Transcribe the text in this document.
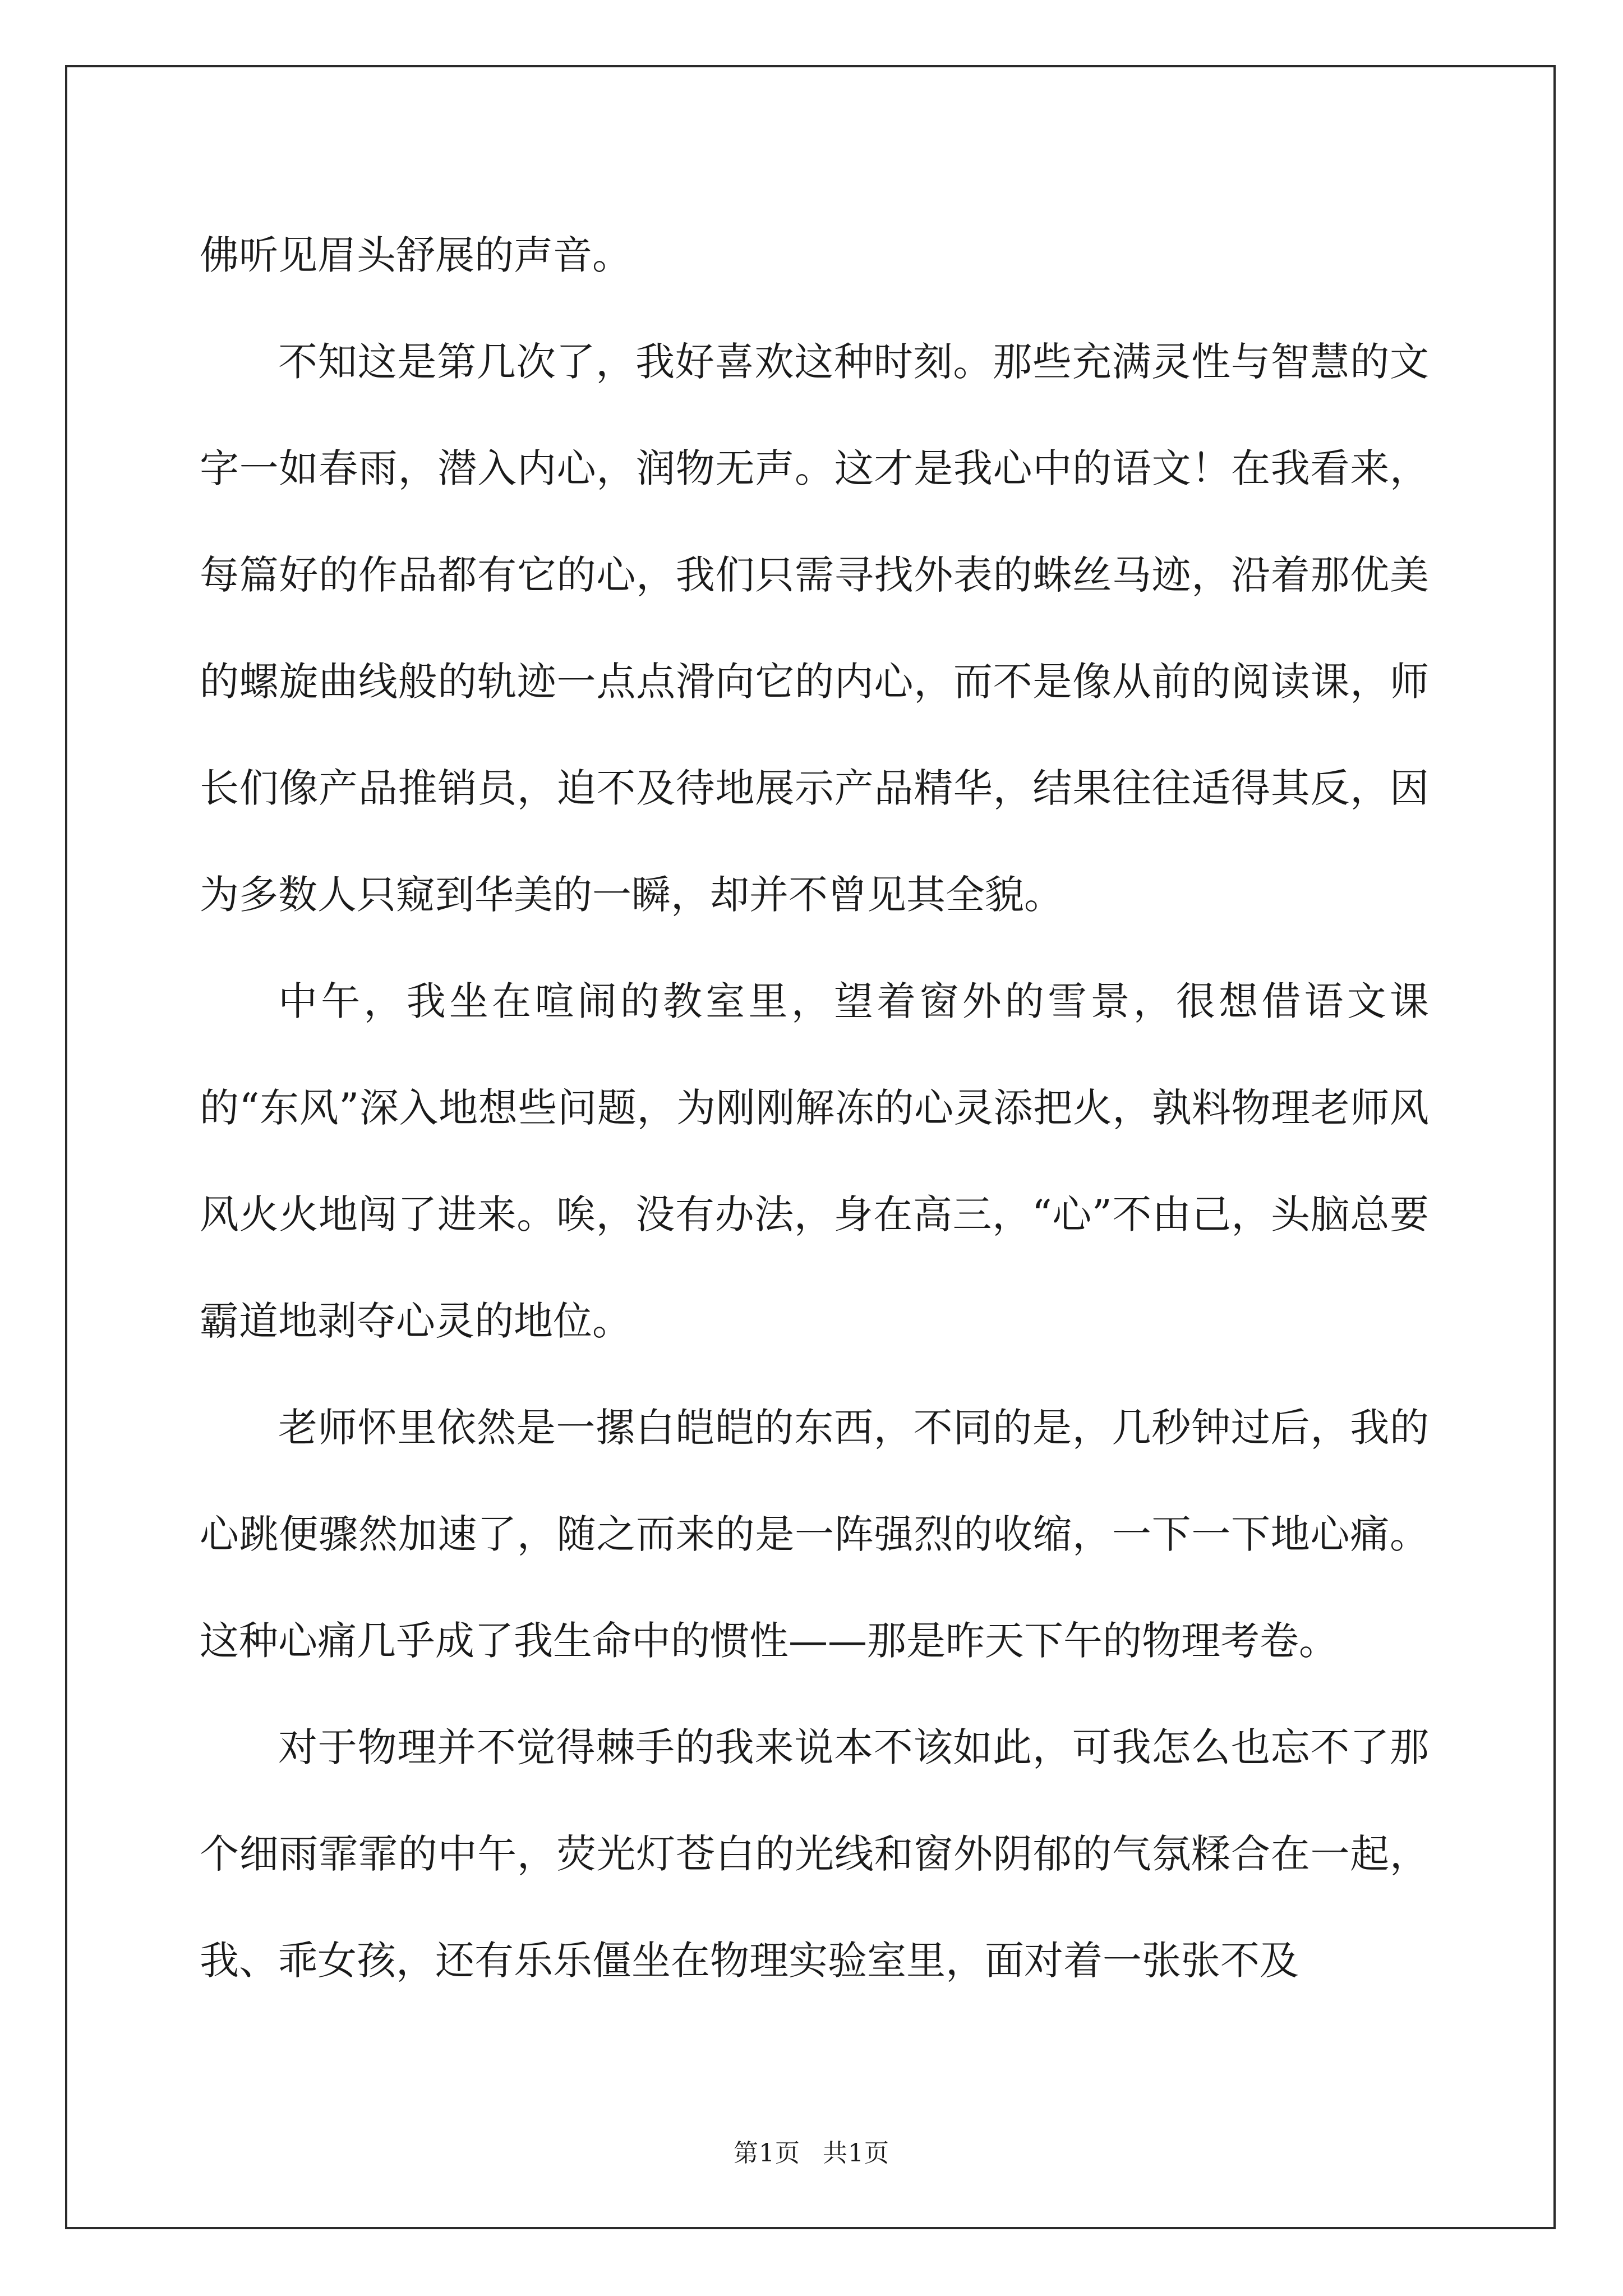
佛听见眉头舒展的声音。

不知这是第几次了，我好喜欢这种时刻。那些充满灵性与智慧的文字一如春雨，潜入内心，润物无声。这才是我心中的语文！在我看来，每篇好的作品都有它的心，我们只需寻找外表的蛛丝马迹，沿着那优美的螺旋曲线般的轨迹一点点滑向它的内心，而不是像从前的阅读课，师长们像产品推销员，迫不及待地展示产品精华，结果往往适得其反，因为多数人只窥到华美的一瞬，却并不曾见其全貌。

中午，我坐在喧闹的教室里，望着窗外的雪景，很想借语文课的“东风”深入地想些问题，为刚刚解冻的心灵添把火，孰料物理老师风风火火地闯了进来。唉，没有办法，身在高三，“心”不由己，头脑总要霸道地剥夺心灵的地位。

老师怀里依然是一摞白皑皑的东西，不同的是，几秒钟过后，我的心跳便骤然加速了，随之而来的是一阵强烈的收缩，一下一下地心痛。这种心痛几乎成了我生命中的惯性——那是昨天下午的物理考卷。

对于物理并不觉得棘手的我来说本不该如此，可我怎么也忘不了那个细雨霏霏的中午，荧光灯苍白的光线和窗外阴郁的气氛糅合在一起，我、乖女孩，还有乐乐僵坐在物理实验室里，面对着一张张不及

第1页 共1页
